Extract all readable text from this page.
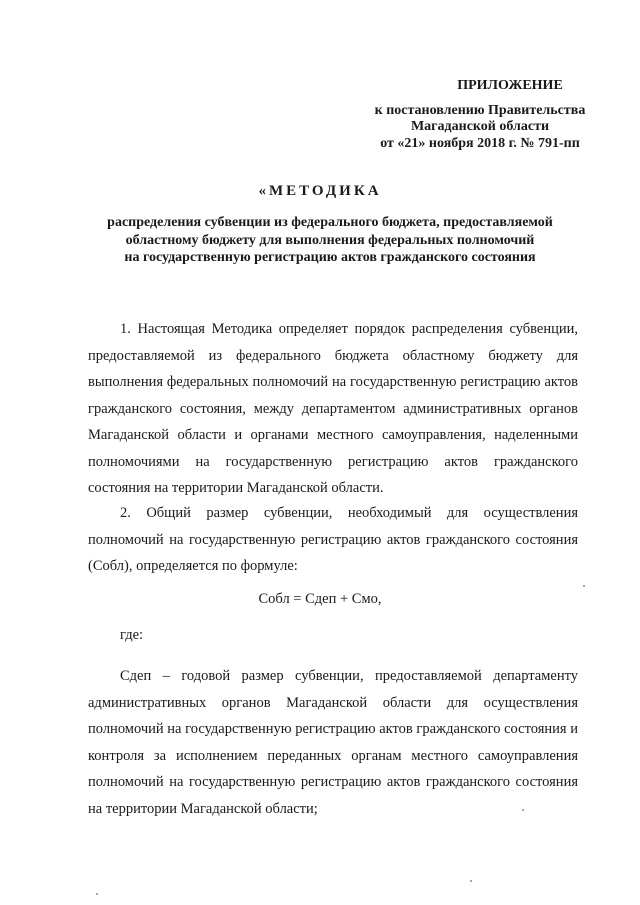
ПРИЛОЖЕНИЕ
к постановлению Правительства
Магаданской области
от «21» ноября 2018 г. № 791-пп
«МЕТОДИКА
распределения субвенции из федерального бюджета, предоставляемой
областному бюджету для выполнения федеральных полномочий
на государственную регистрацию актов гражданского состояния

1. Настоящая Методика определяет порядок распределения субвенции, предоставляемой из федерального бюджета областному бюджету для выполнения федеральных полномочий на государственную регистрацию актов гражданского состояния, между департаментом административных органов Магаданской области и органами местного самоуправления, наделенными полномочиями на государственную регистрацию актов гражданского состояния на территории Магаданской области.

2. Общий размер субвенции, необходимый для осуществления полномочий на государственную регистрацию актов гражданского состояния (Собл), определяется по формуле:

Собл = Сдеп + Смо,
где:

Сдеп – годовой размер субвенции, предоставляемой департаменту административных органов Магаданской области для осуществления полномочий на государственную регистрацию актов гражданского состояния и контроля за исполнением переданных органам местного самоуправления полномочий на государственную регистрацию актов гражданского состояния на территории Магаданской области;
